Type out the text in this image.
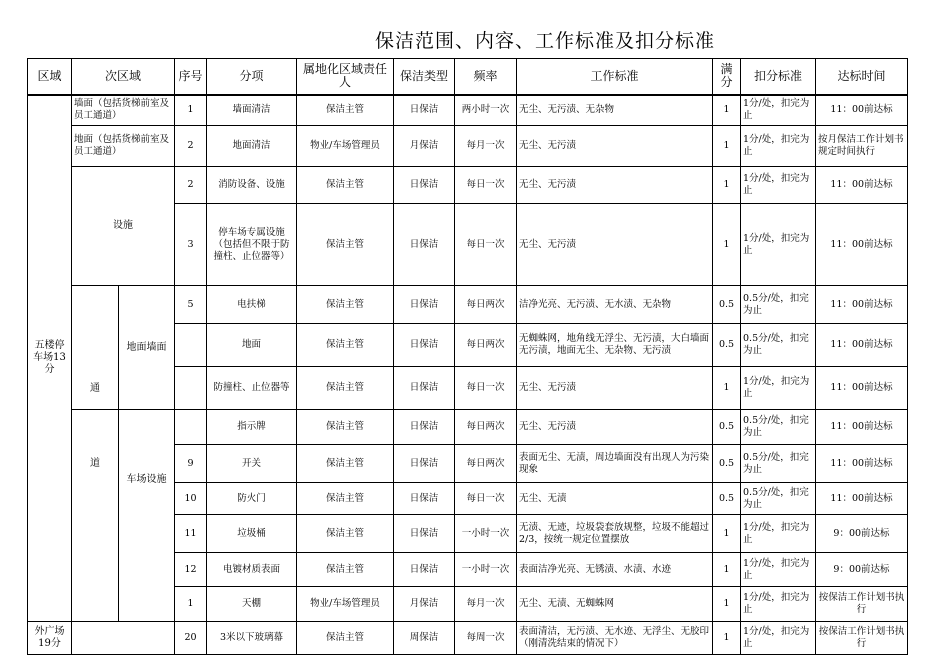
保洁范围、内容、工作标准及扣分标准
区域	次区域		序号	分项	属地化区域责任人	保洁类型	频率	工作标准	满分	扣分标准	达标时间
五楼停车场13分	墙面（包括货梯前室及员工通道）		1	墙面清洁	保洁主管	日保洁	两小时一次	无尘、无污渍、无杂物	1	1分/处，扣完为止	11：00前达标
	地面（包括货梯前室及员工通道）		2	地面清洁	物业/车场管理员	月保洁	每月一次	无尘、无污渍	1	1分/处，扣完为止	按月保洁工作计划书规定时间执行
	设施		2	消防设备、设施	保洁主管	日保洁	每日一次	无尘、无污渍	1	1分/处，扣完为止	11：00前达标
			3	停车场专属设施（包括但不限于防撞柱、止位器等）	保洁主管	日保洁	每日一次	无尘、无污渍	1	1分/处，扣完为止	11：00前达标
	通	地面墙面	5	电扶梯	保洁主管	日保洁	每日两次	洁净光亮、无污渍、无水渍、无杂物	0.5	0.5分/处，扣完为止	11：00前达标
				地面	保洁主管	日保洁	每日两次	无蜘蛛网，地角线无浮尘、无污渍，大白墙面无污渍，地面无尘、无杂物、无污渍	0.5	0.5分/处，扣完为止	11：00前达标
				防撞柱、止位器等	保洁主管	日保洁	每日一次	无尘、无污渍	1	1分/处，扣完为止	11：00前达标
	道	车场设施		指示牌	保洁主管	日保洁	每日两次	无尘、无污渍	0.5	0.5分/处，扣完为止	11：00前达标
			9	开关	保洁主管	日保洁	每日两次	表面无尘、无渍，周边墙面没有出现人为污染现象	0.5	0.5分/处，扣完为止	11：00前达标
			10	防火门	保洁主管	日保洁	每日一次	无尘、无渍	0.5	0.5分/处，扣完为止	11：00前达标
			11	垃圾桶	保洁主管	日保洁	一小时一次	无渍、无迹，垃圾袋套放规整，垃圾不能超过2/3，按统一规定位置摆放	1	1分/处，扣完为止	9：00前达标
			12	电镀材质表面	保洁主管	日保洁	一小时一次	表面洁净光亮、无锈渍、水渍、水迹	1	1分/处，扣完为止	9：00前达标
			1	天棚	物业/车场管理员	月保洁	每月一次	无尘、无渍、无蜘蛛网	1	1分/处，扣完为止	按保洁工作计划书执行
外广场19分			20	3米以下玻璃幕	保洁主管	周保洁	每周一次	表面清洁，无污渍、无水迹、无浮尘、无胶印（刚清洗结束的情况下）	1	1分/处，扣完为止	按保洁工作计划书执行
